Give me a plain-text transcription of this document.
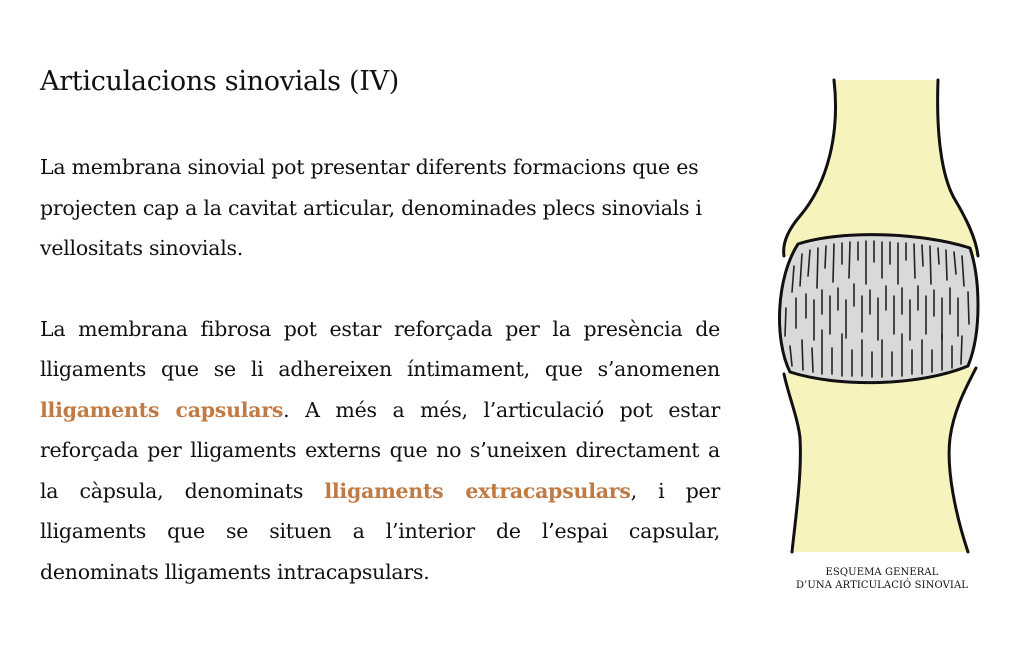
Articulacions sinovials (IV)

La membrana sinovial pot presentar diferents formacions que es projecten cap a la cavitat articular, denominades plecs sinovials i vellositats sinovials.

La membrana fibrosa pot estar reforçada per la presència de lligaments que se li adhereixen íntimament, que s’anomenen lligaments capsulars. A més a més, l’articulació pot estar reforçada per lligaments externs que no s’uneixen directament a la càpsula, denominats lligaments extracapsulars, i per lligaments que se situen a l’interior de l’espai capsular, denominats lligaments intracapsulars.	ESQUEMA GENERAL
D’UNA ARTICULACIÓ SINOVIAL
